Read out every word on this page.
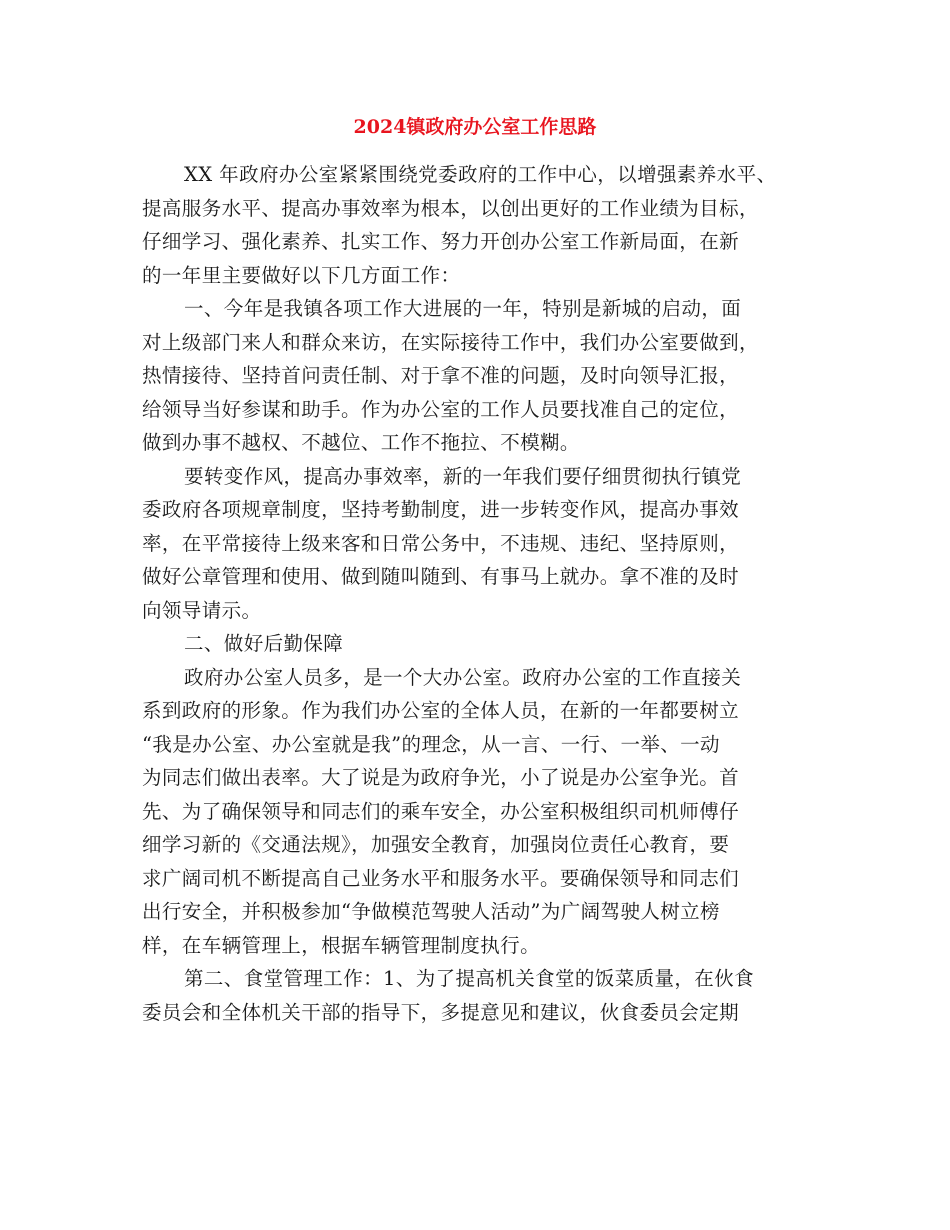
2024镇政府办公室工作思路

XX 年政府办公室紧紧围绕党委政府的工作中心，以增强素养水平、
提高服务水平、提高办事效率为根本，以创出更好的工作业绩为目标，
仔细学习、强化素养、扎实工作、努力开创办公室工作新局面，在新
的一年里主要做好以下几方面工作：

一、今年是我镇各项工作大进展的一年，特别是新城的启动，面
对上级部门来人和群众来访，在实际接待工作中，我们办公室要做到，
热情接待、坚持首问责任制、对于拿不准的问题，及时向领导汇报，
给领导当好参谋和助手。作为办公室的工作人员要找准自己的定位，
做到办事不越权、不越位、工作不拖拉、不模糊。

要转变作风，提高办事效率，新的一年我们要仔细贯彻执行镇党
委政府各项规章制度，坚持考勤制度，进一步转变作风，提高办事效
率，在平常接待上级来客和日常公务中，不违规、违纪、坚持原则，
做好公章管理和使用、做到随叫随到、有事马上就办。拿不准的及时
向领导请示。

二、做好后勤保障

政府办公室人员多，是一个大办公室。政府办公室的工作直接关
系到政府的形象。作为我们办公室的全体人员，在新的一年都要树立
“我是办公室、办公室就是我”的理念，从一言、一行、一举、一动
为同志们做出表率。大了说是为政府争光，小了说是办公室争光。首
先、为了确保领导和同志们的乘车安全，办公室积极组织司机师傅仔
细学习新的《交通法规》，加强安全教育，加强岗位责任心教育，要
求广阔司机不断提高自己业务水平和服务水平。要确保领导和同志们
出行安全，并积极参加“争做模范驾驶人活动”为广阔驾驶人树立榜
样，在车辆管理上，根据车辆管理制度执行。

第二、食堂管理工作：1、为了提高机关食堂的饭菜质量，在伙食
委员会和全体机关干部的指导下，多提意见和建议，伙食委员会定期
